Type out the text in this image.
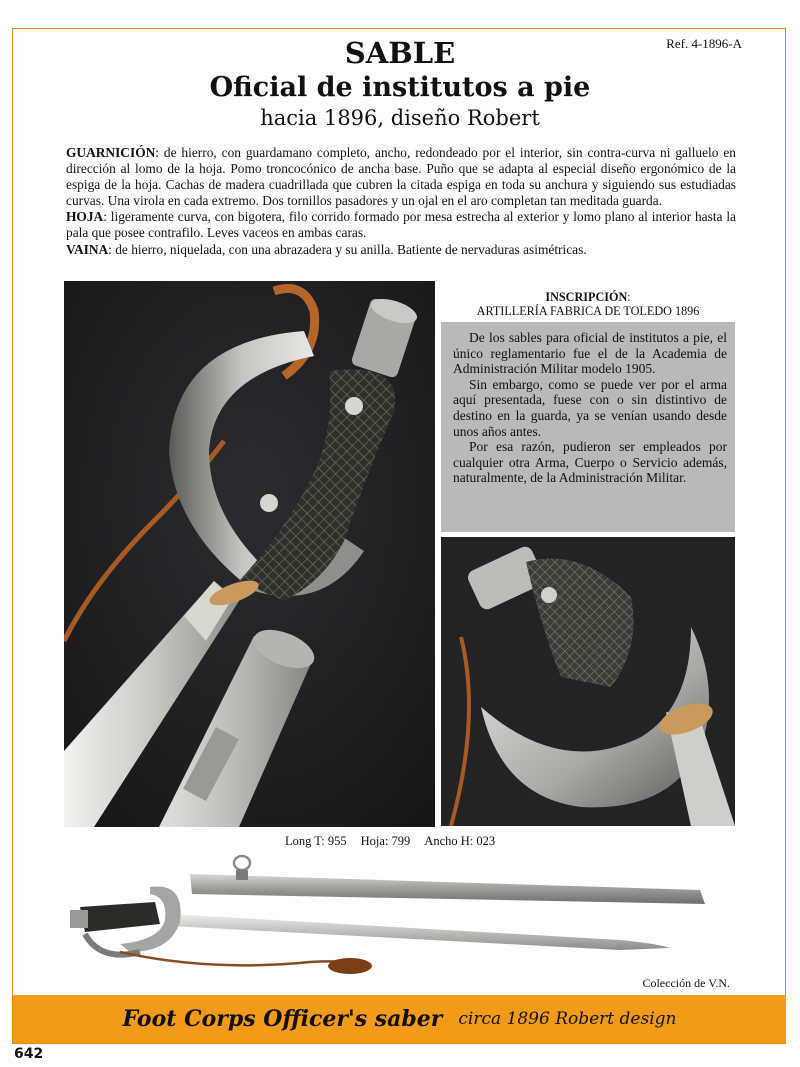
Ref. 4-1896-A
SABLE
Oficial de institutos a pie
hacia 1896, diseño Robert

GUARNICIÓN: de hierro, con guardamano completo, ancho, redondeado por el interior, sin contra-curva ni galluelo en dirección al lomo de la hoja. Pomo troncocónico de ancha base. Puño que se adapta al especial diseño ergonómico de la espiga de la hoja. Cachas de madera cuadrillada que cubren la citada espiga en toda su anchura y siguiendo sus estudiadas curvas. Una virola en cada extremo. Dos tornillos pasadores y un ojal en el aro completan tan meditada guarda.

HOJA: ligeramente curva, con bigotera, filo corrido formado por mesa estrecha al exterior y lomo plano al interior hasta la pala que posee contrafilo. Leves vaceos en ambas caras.

VAINA: de hierro, niquelada, con una abrazadera y su anilla. Batiente de nervaduras asimétricas.

INSCRIPCIÓN:
ARTILLERÍA FABRICA DE TOLEDO 1896

De los sables para oficial de institutos a pie, el único reglamentario fue el de la Academia de Administración Militar modelo 1905.

Sin embargo, como se puede ver por el arma aquí presentada, fuese con o sin distintivo de destino en la guarda, ya se venían usando desde unos años antes.

Por esa razón, pudieron ser empleados por cualquier otra Arma, Cuerpo o Servicio además, naturalmente, de la Administración Militar.

Long T: 955 Hoja: 799 Ancho H: 023
Colección de V.N.
Foot Corps Officer's saber circa 1896 Robert design
642
